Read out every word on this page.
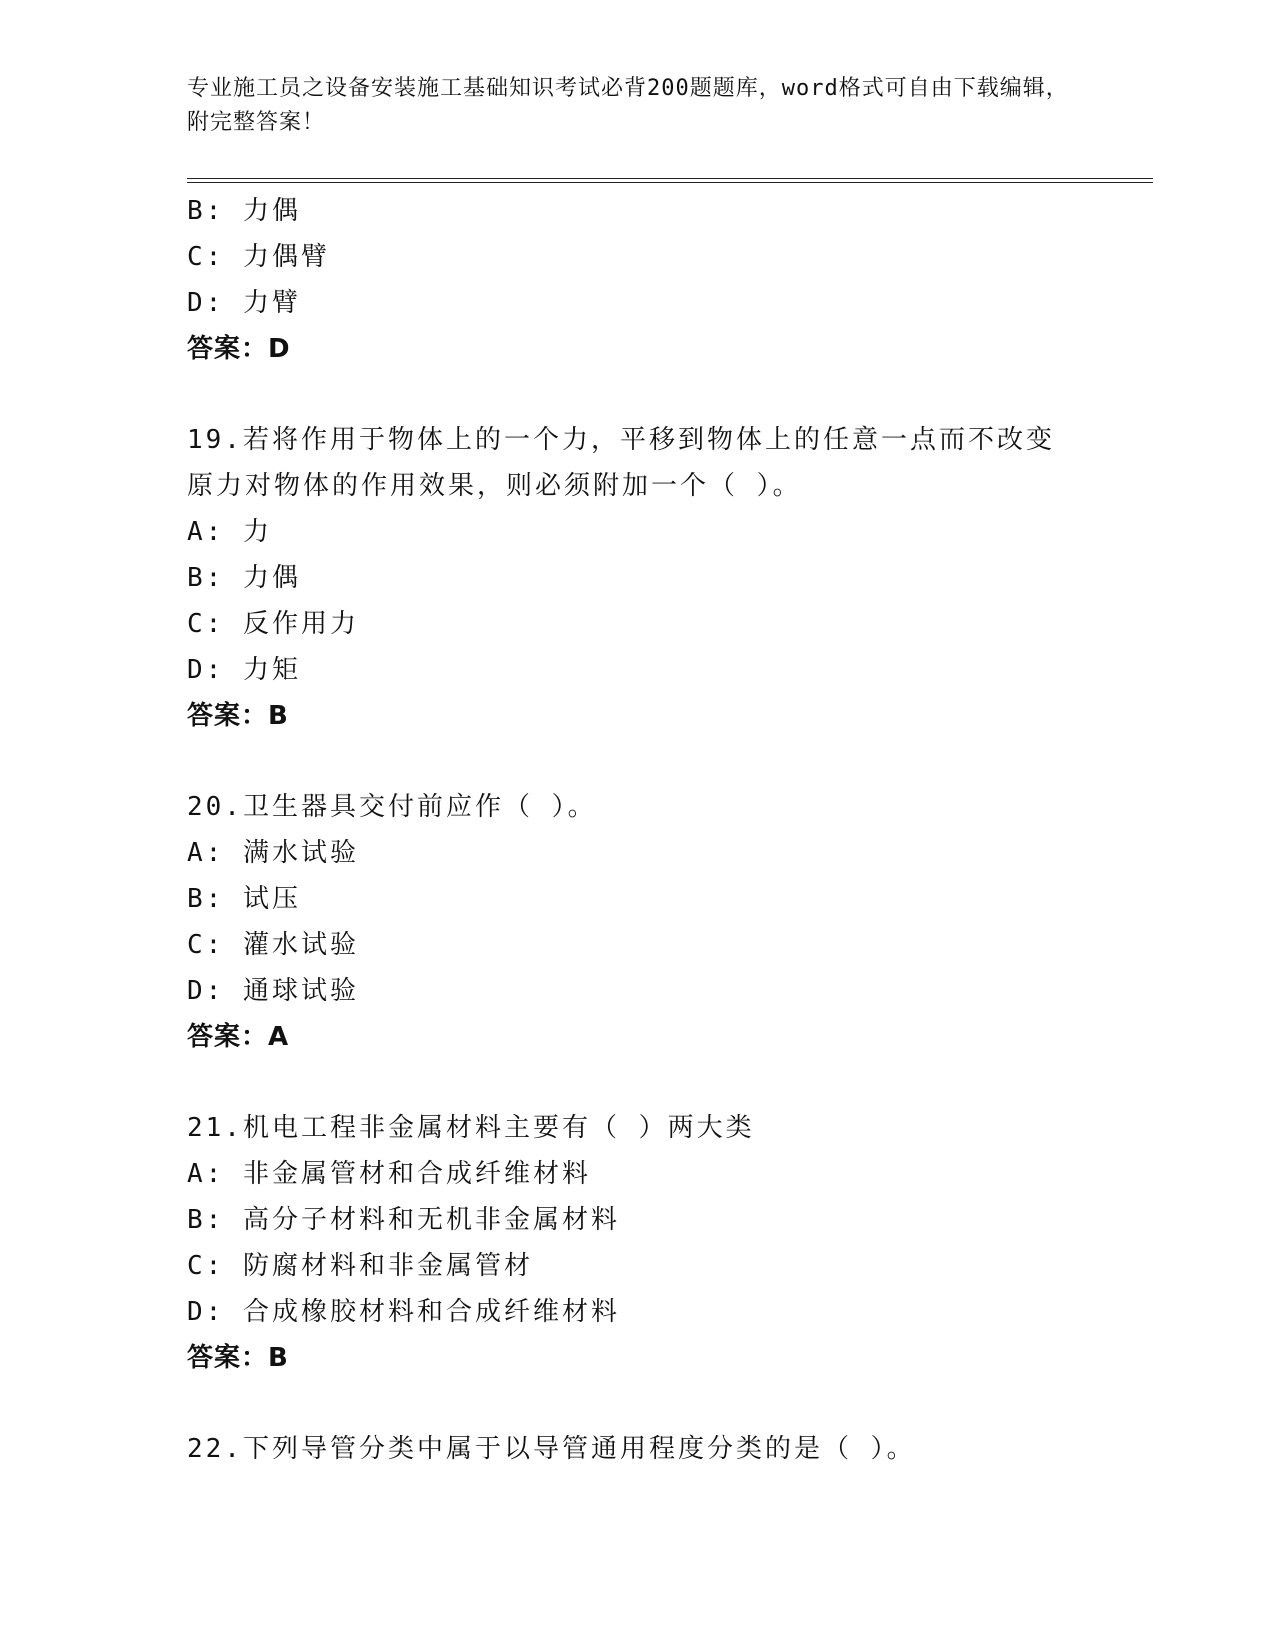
专业施工员之设备安装施工基础知识考试必背200题题库，word格式可自由下载编辑，附完整答案！
B: 力偶
C: 力偶臂
D: 力臂
答案：D
19.若将作用于物体上的一个力，平移到物体上的任意一点而不改变原力对物体的作用效果，则必须附加一个（ ）。
A: 力
B: 力偶
C: 反作用力
D: 力矩
答案：B
20.卫生器具交付前应作（ ）。
A: 满水试验
B: 试压
C: 灌水试验
D: 通球试验
答案：A
21.机电工程非金属材料主要有（ ）两大类
A: 非金属管材和合成纤维材料
B: 高分子材料和无机非金属材料
C: 防腐材料和非金属管材
D: 合成橡胶材料和合成纤维材料
答案：B
22.下列导管分类中属于以导管通用程度分类的是（ ）。
